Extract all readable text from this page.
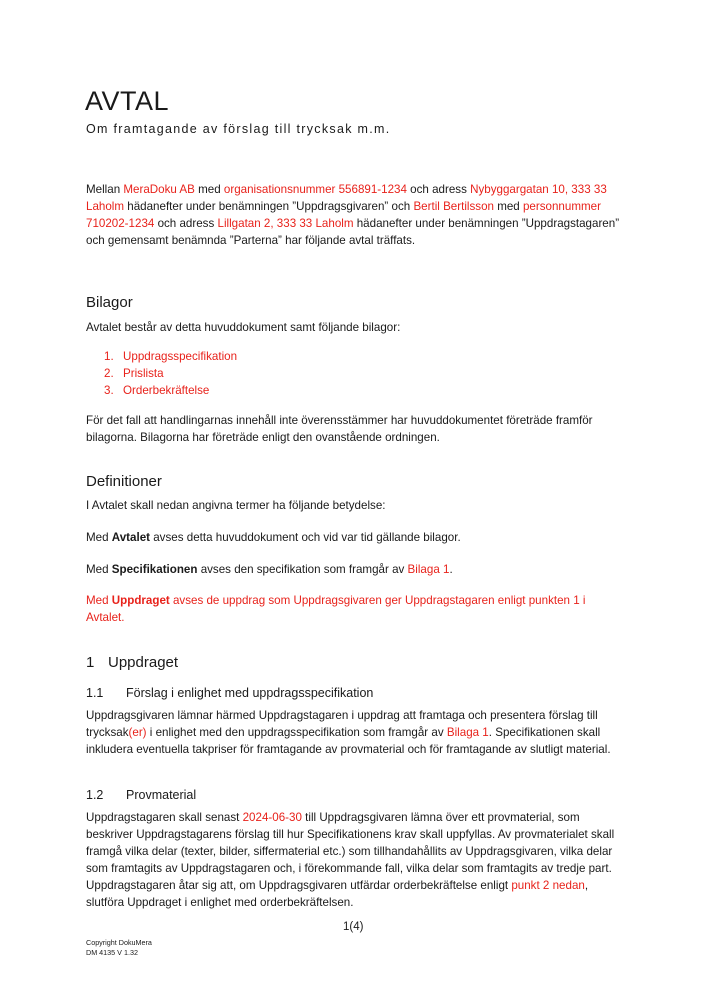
AVTAL

Om framtagande av förslag till trycksak m.m.

Mellan MeraDoku AB med organisationsnummer 556891-1234 och adress Nybyggargatan 10, 333 33 Laholm hädanefter under benämningen ”Uppdragsgivaren” och Bertil Bertilsson med personnummer 710202-1234 och adress Lillgatan 2, 333 33 Laholm hädanefter under benämningen ”Uppdragstagaren” och gemensamt benämnda ”Parterna” har följande avtal träffats.

Bilagor

Avtalet består av detta huvuddokument samt följande bilagor:

1. Uppdragsspecifikation
2. Prislista
3. Orderbekräftelse

För det fall att handlingarnas innehåll inte överensstämmer har huvuddokumentet företräde framför bilagorna. Bilagorna har företräde enligt den ovanstående ordningen.

Definitioner

I Avtalet skall nedan angivna termer ha följande betydelse:

Med Avtalet avses detta huvuddokument och vid var tid gällande bilagor.

Med Specifikationen avses den specifikation som framgår av Bilaga 1.

Med Uppdraget avses de uppdrag som Uppdragsgivaren ger Uppdragstagaren enligt punkten 1 i Avtalet.

1 Uppdraget
1.1 Förslag i enlighet med uppdragsspecifikation

Uppdragsgivaren lämnar härmed Uppdragstagaren i uppdrag att framtaga och presentera förslag till trycksak(er) i enlighet med den uppdragsspecifikation som framgår av Bilaga 1. Specifikationen skall inkludera eventuella takpriser för framtagande av provmaterial och för framtagande av slutligt material.

1.2 Provmaterial

Uppdragstagaren skall senast 2024-06-30 till Uppdragsgivaren lämna över ett provmaterial, som beskriver Uppdragstagarens förslag till hur Specifikationens krav skall uppfyllas. Av provmaterialet skall framgå vilka delar (texter, bilder, siffermaterial etc.) som tillhandahållits av Uppdragsgivaren, vilka delar som framtagits av Uppdragstagaren och, i förekommande fall, vilka delar som framtagits av tredje part. Uppdragstagaren åtar sig att, om Uppdragsgivaren utfärdar orderbekräftelse enligt punkt 2 nedan, slutföra Uppdraget i enlighet med orderbekräftelsen.

1(4)
Copyright DokuMera
DM 4135 V 1.32
